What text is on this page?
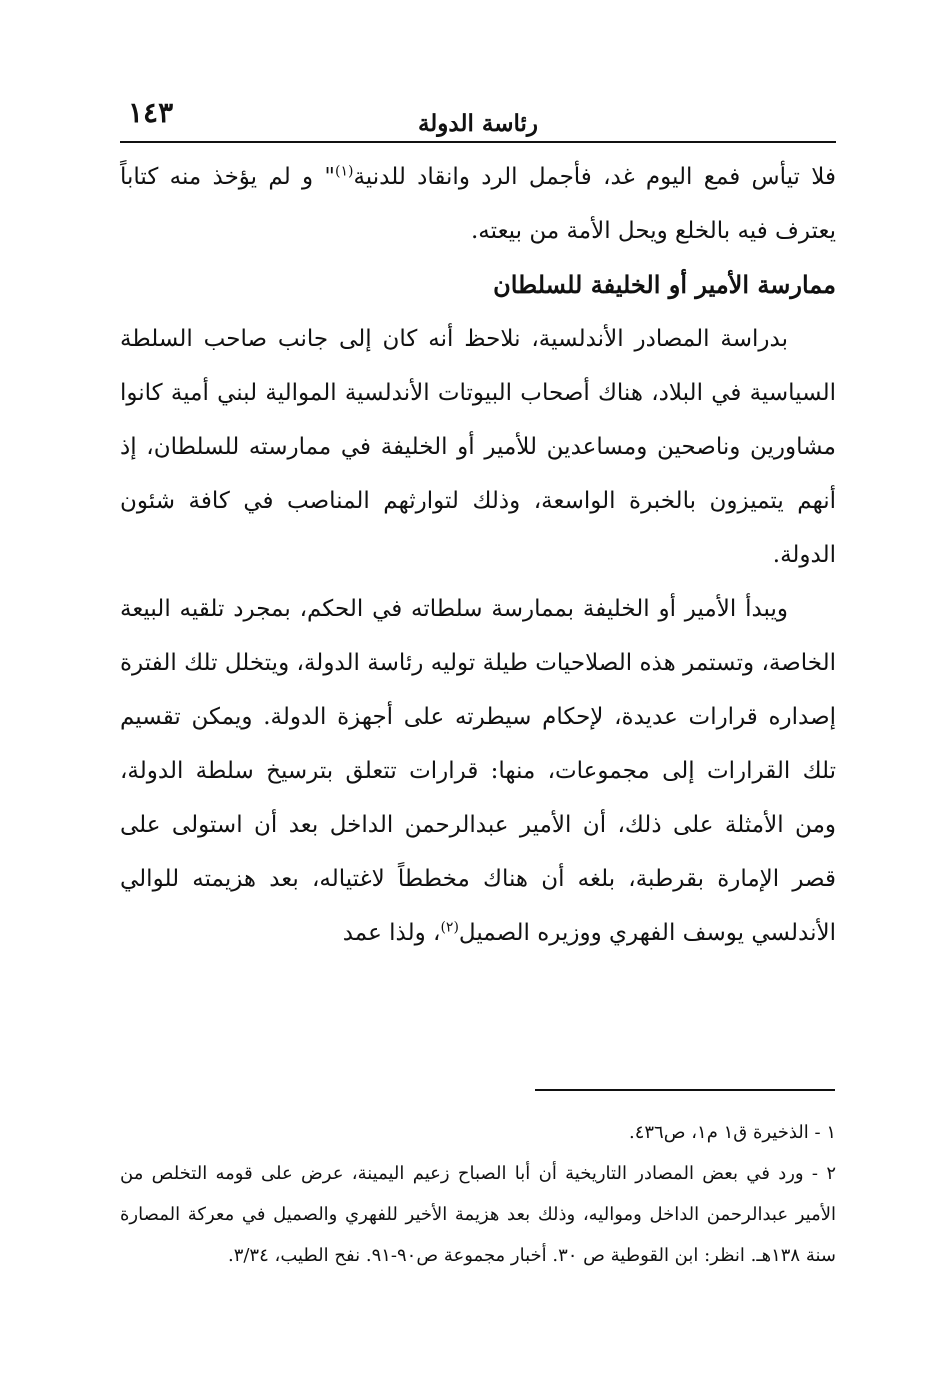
١٤٣	رئاسة الدولة

فلا تيأس فمع اليوم غد، فأجمل الرد وانقاد للدنية$^{(١)}$" و لم يؤخذ منه كتاباً يعترف فيه بالخلع ويحل الأمة من بيعته.

ممارسة الأمير أو الخليفة للسلطان

بدراسة المصادر الأندلسية، نلاحظ أنه كان إلى جانب صاحب السلطة السياسية في البلاد، هناك أصحاب البيوتات الأندلسية الموالية لبني أمية كانوا مشاورين وناصحين ومساعدين للأمير أو الخليفة في ممارسته للسلطان، إذ أنهم يتميزون بالخبرة الواسعة، وذلك لتوارثهم المناصب في كافة شئون الدولة.

ويبدأ الأمير أو الخليفة بممارسة سلطاته في الحكم، بمجرد تلقيه البيعة الخاصة، وتستمر هذه الصلاحيات طيلة توليه رئاسة الدولة، ويتخلل تلك الفترة إصداره قرارات عديدة، لإحكام سيطرته على أجهزة الدولة. ويمكن تقسيم تلك القرارات إلى مجموعات، منها: قرارات تتعلق بترسيخ سلطة الدولة، ومن الأمثلة على ذلك، أن الأمير عبدالرحمن الداخل بعد أن استولى على قصر الإمارة بقرطبة، بلغه أن هناك مخططاً لاغتياله، بعد هزيمته للوالي الأندلسي يوسف الفهري ووزيره الصميل$^{(٢)}$، ولذا عمد

١ - الذخيرة ق١ م١، ص٤٣٦.

٢ - ورد في بعض المصادر التاريخية أن أبا الصباح زعيم اليمينة، عرض على قومه التخلص من الأمير عبدالرحمن الداخل ومواليه، وذلك بعد هزيمة الأخير للفهري والصميل في معركة المصارة سنة ١٣٨هـ. انظر: ابن القوطية ص ٣٠. أخبار مجموعة ص٩٠-٩١. نفح الطيب، ٣/٣٤.
